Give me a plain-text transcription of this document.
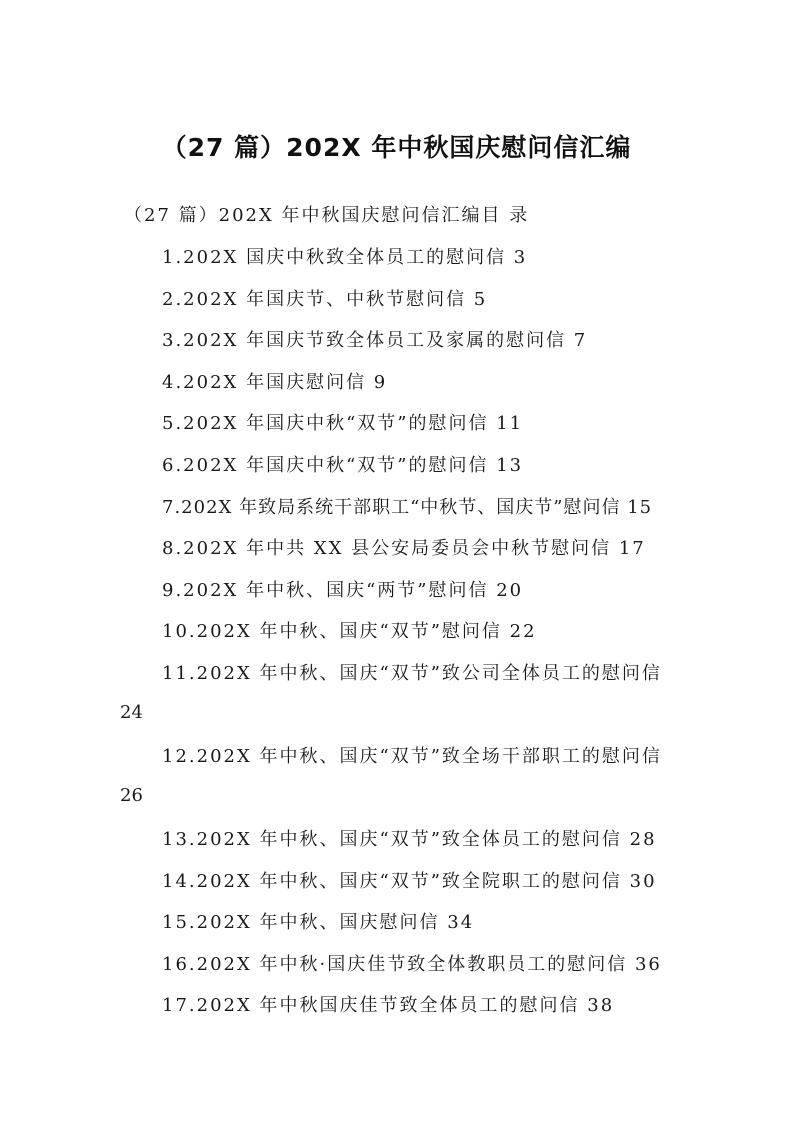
（27 篇）202X 年中秋国庆慰问信汇编
（27 篇）202X 年中秋国庆慰问信汇编目 录
1.202X 国庆中秋致全体员工的慰问信 3
2.202X 年国庆节、中秋节慰问信 5
3.202X 年国庆节致全体员工及家属的慰问信 7
4.202X 年国庆慰问信 9
5.202X 年国庆中秋“双节”的慰问信 11
6.202X 年国庆中秋“双节”的慰问信 13
7.202X 年致局系统干部职工“中秋节、国庆节”慰问信 15
8.202X 年中共 XX 县公安局委员会中秋节慰问信 17
9.202X 年中秋、国庆“两节”慰问信 20
10.202X 年中秋、国庆“双节”慰问信 22
11.202X 年中秋、国庆“双节”致公司全体员工的慰问信
24
12.202X 年中秋、国庆“双节”致全场干部职工的慰问信
26
13.202X 年中秋、国庆“双节”致全体员工的慰问信 28
14.202X 年中秋、国庆“双节”致全院职工的慰问信 30
15.202X 年中秋、国庆慰问信 34
16.202X 年中秋·国庆佳节致全体教职员工的慰问信 36
17.202X 年中秋国庆佳节致全体员工的慰问信 38
